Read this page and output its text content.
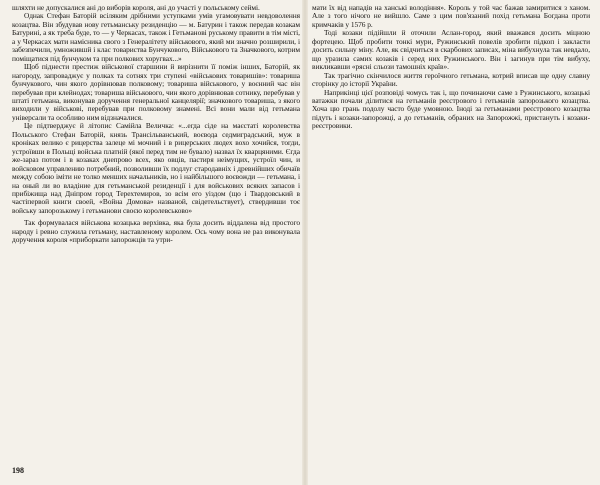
шляхти не допускалися ані до виборів короля, ані до участі у польському сеймі.

Однак Стефан Баторій всіляким дрібними уступками умів угамовувати невдоволення козацтва. Він збудував нову гетьманську резиденцію — м. Батурин і також передав козакам Батурині, а як треба буде, то — у Черкасах, також і Гетьманові руському правити в тім місті, а у Черкасах мати намісника свого з Генералітету військового, який ми значно розширили, і забезпечили, умножившй і клас товариства Бунчукового, Військового та Значкового, котрим поміщатися під бунчуком та при полкових хоругвах...»

Щоб піднести престиж військової старшини й вирізнити її поміж інших, Баторій, як нагороду, запроваджує у полках та сотнях три ступені «військових товаришів»: товариша бунчукового, чин якого дорівнював полковому; товариша військового, у воєнний час він перебував при клейнодах; товариша військового, чин якого дорівнював сотнику, перебував у штаті гетьмана, виконував доручення генеральної канцелярії; значкового товариша, з якого виходили у військові, перебував при полковому знамені. Всі вони мали від гетьмана універсали та особливо ним відзначалися.

Це підтверджує й літопис Самійла Величка: «...егда сіде на маєстаті королевства Польського Стефан Баторій, князь Трансільванський, воєвода седмиградський, муж в кроніках велико є рицерства залеце мі мочний і в рицерських людех вохо хочийся, тогди, устроївши в Польщі войська платній (якої перед тим не бувало) назвал їх кварцяними. Єгда же-зараз потом і в козаках днепрово всех, яко овців, пастиря неімущих, устроїл чин, и войсковом управлению потребний, позволивши їх подлуг стародавніх і древнійших обичаїв между собою іміти не толко менших начальників, но і найбільшого воєвожди — гетьмана, і на оный ли во владіние для гетьманськой резиденції і для войськових всяких запасов і прибіжища над Дніпром город Терехтемиров, зо всім его уіздом (що і Твардовський в частіпервой книги своей, «Война Домова» названой, свідетельствует), ствердивши тоє войську запорозькому і гетьманови своєю королевськово»

Так формувалася військова козацька верхівка, яка була досить віддалена від простого народу і ревно служила гетьману, наставленому королем. Ось чому вона не раз виконувала доручення короля «приборкати запорожців та утри-

198

мати їх від нападів на ханські володіння». Король у той час бажав замиритися з ханом. Але з того нічого не вийшло. Саме з цим пов'язаний похід гетьмана Богдана проти кримчаків у 1576 р.

Тоді козаки підійшли й оточили Аслан-город, який вважався досить міцною фортецею. Щоб пробити тонкі мури, Ружинський повелів зробити підкоп і закласти досить сильну міну. Але, як свідчиться в скарбових записах, міна вибухнула так невдало, що уразила самих козаків і серед них Ружинського. Він і загинув при тім вибуху, викликавши «рясні сльози тамошніх країв».

Так трагічно скінчилося життя героїчного гетьмана, котрий вписав ще одну славну сторінку до історії України.

Наприкінці цієї розповіді чомусь так і, що починаючи саме з Ружинського, козацькі ватажки почали ділитися на гетьманів реєстрового і гетьманів запорозького козацтва. Хоча цю грань подолу часто буде умовною. Іноді за гетьманами реєстрового козацтва підуть і козаки-запорожці, а до гетьманів, обраних на Запорожжі, пристануть і козаки-реєстровики.
